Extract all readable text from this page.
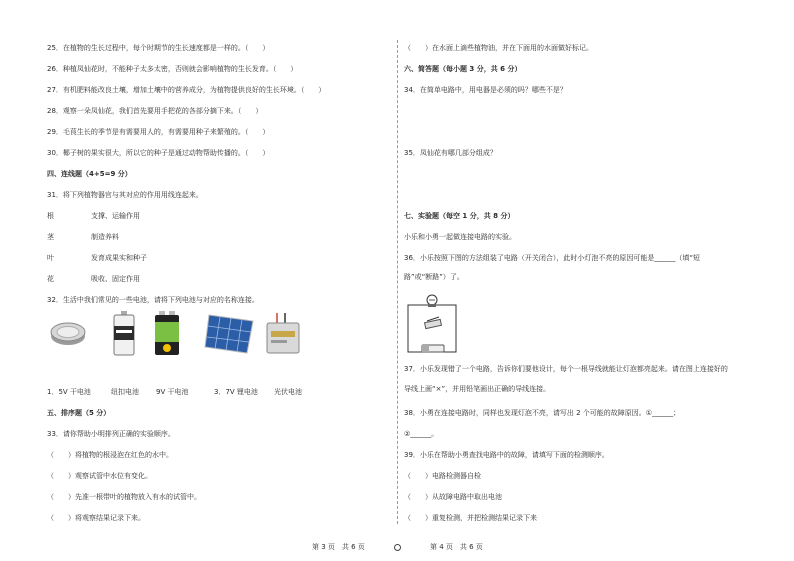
25．在植物的生长过程中，每个时期节的生长速度都是一样的。（　　）
26．种植凤仙花时，不能种子太多太密，否则就会影响植物的生长发育。（　　）
27．有机肥料能改良土壤，增加土壤中的营养成分，为植物提供良好的生长环境。（　　）
28．观察一朵凤仙花，我们首先要用手把花的各部分摘下来。（　　）
29．毛茛生长的季节是有需要用人的，有需要用种子来繁殖的。（　　）
30．椰子树的果实很大，所以它的种子是通过动物帮助传播的。（　　）
四、连线题（4+5=9 分）
31．将下列植物器官与其对应的作用用线连起来。
根	支撑、运输作用
茎	制造养料
叶	发育成果实和种子
花	吸收、固定作用
32．生活中我们常见的一些电池，请将下列电池与对应的名称连接。
1．5V 干电池	纽扣电池 9V 干电池	3．7V 锂电池 光伏电池
五、排序题（5 分）
33．请你帮助小明排列正确的实验顺序。
（　　）将植物的根浸泡在红色的水中。
（　　）观察试管中水位有变化。
（　　）先准一根带叶的植物放入有水的试管中。
（　　）将观察结果记录下来。
（　　）在水面上滴些植物油，并在下面用的水面做好标记。
六、简答题（每小题 3 分，共 6 分）
34．在简单电路中，用电器是必须的吗？哪些不是？
35．凤仙花有哪几部分组成？
七、实验题（每空 1 分，共 8 分）
小乐和小勇一起做连接电路的实验。
36．小乐按照下图的方法组装了电路（开关闭合），此时小灯泡不亮的原因可能是______（填“短
路”或“断路”）了。
37．小乐发现错了一个电路，告诉你们要他设计，每个一根导线就能让灯泡都亮起来。请在图上连接好的
导线上画“×”，并用铅笔画出正确的导线连接。
38．小勇在连接电路时，同样也发现灯泡不亮，请写出 2 个可能的故障原因。①______；
②______。
39．小乐在帮助小勇查找电路中的故障，请填写下面的检测顺序。
（　　）电路检测器自检
（　　）从故障电路中取出电池
（　　）重复检测，并把检测结果记录下来
第 3 页　共 6 页	第 4 页　共 6 页
